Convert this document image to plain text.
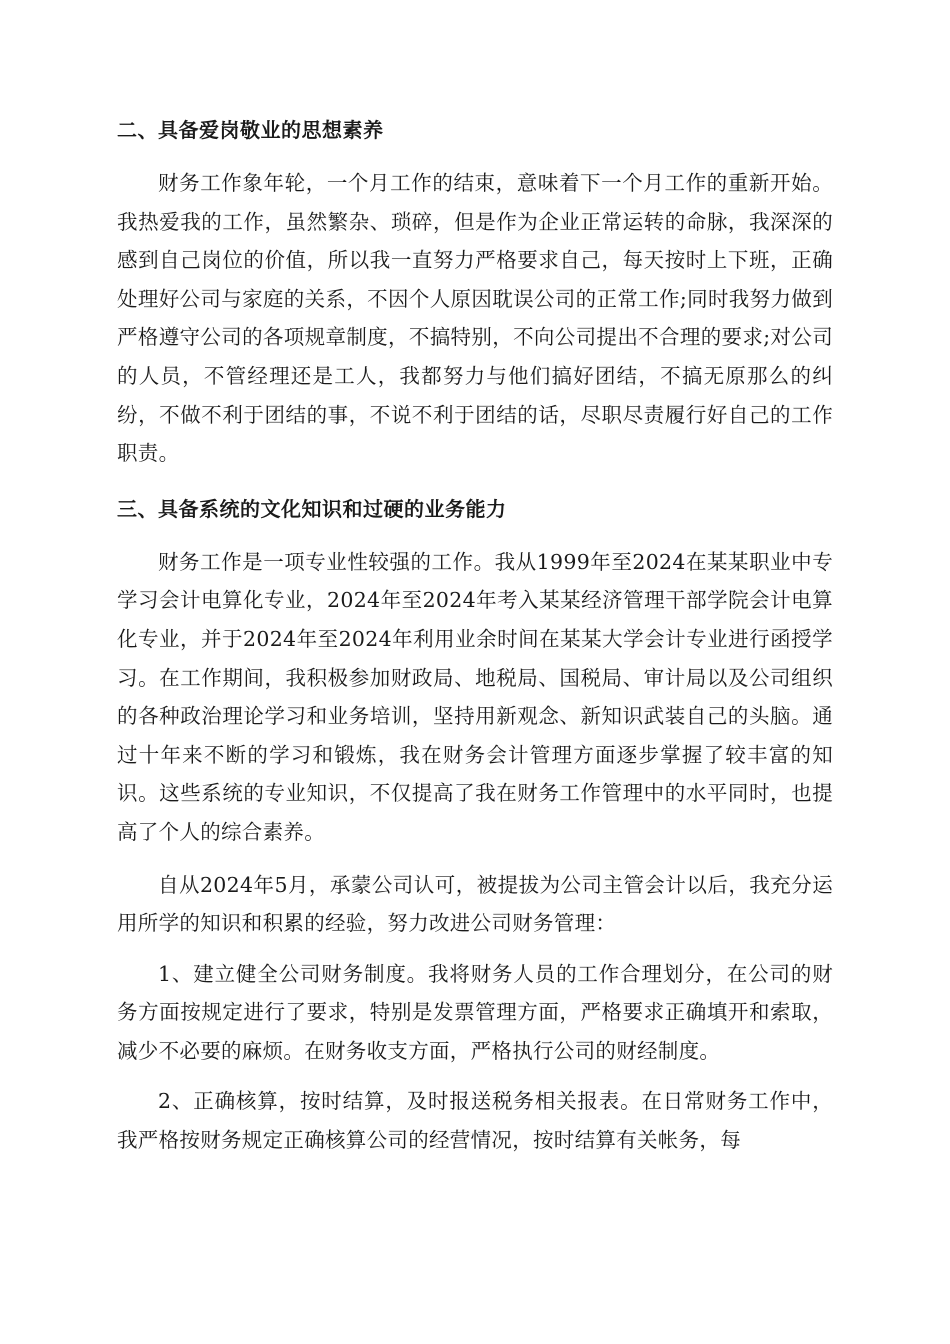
二、具备爱岗敬业的思想素养

财务工作象年轮，一个月工作的结束，意味着下一个月工作的重新开始。我热爱我的工作，虽然繁杂、琐碎，但是作为企业正常运转的命脉，我深深的感到自己岗位的价值，所以我一直努力严格要求自己，每天按时上下班，正确处理好公司与家庭的关系，不因个人原因耽误公司的正常工作;同时我努力做到严格遵守公司的各项规章制度，不搞特别，不向公司提出不合理的要求;对公司的人员，不管经理还是工人，我都努力与他们搞好团结，不搞无原那么的纠纷，不做不利于团结的事，不说不利于团结的话，尽职尽责履行好自己的工作职责。

三、具备系统的文化知识和过硬的业务能力

财务工作是一项专业性较强的工作。我从1999年至2024在某某职业中专学习会计电算化专业，2024年至2024年考入某某经济管理干部学院会计电算化专业，并于2024年至2024年利用业余时间在某某大学会计专业进行函授学习。在工作期间，我积极参加财政局、地税局、国税局、审计局以及公司组织的各种政治理论学习和业务培训，坚持用新观念、新知识武装自己的头脑。通过十年来不断的学习和锻炼，我在财务会计管理方面逐步掌握了较丰富的知识。这些系统的专业知识，不仅提高了我在财务工作管理中的水平同时，也提高了个人的综合素养。

自从2024年5月，承蒙公司认可，被提拔为公司主管会计以后，我充分运用所学的知识和积累的经验，努力改进公司财务管理：

1、建立健全公司财务制度。我将财务人员的工作合理划分，在公司的财务方面按规定进行了要求，特别是发票管理方面，严格要求正确填开和索取，减少不必要的麻烦。在财务收支方面，严格执行公司的财经制度。

2、正确核算，按时结算，及时报送税务相关报表。在日常财务工作中，我严格按财务规定正确核算公司的经营情况，按时结算有关帐务，每
